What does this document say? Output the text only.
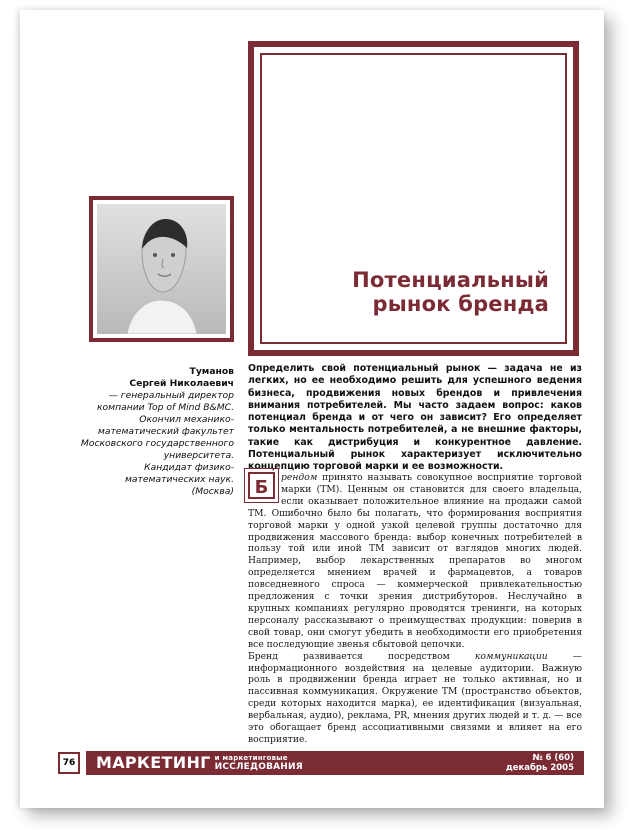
Потенциальный
рынок бренда
Туманов
Сергей Николаевич
— генеральный директор
компании Top of Mind B&MC.
Окончил механико-
математический факультет
Московского государственного
университета.
Кандидат физико-
математических наук.
(Москва)
Определить свой потенциальный рынок — задача не из легких, но ее необходимо решить для успешного ведения бизнеса, продвижения новых брендов и привлечения внимания потребителей. Мы часто задаем вопрос: каков потенциал бренда и от чего он зависит? Его определяет только ментальность потребителей, а не внешние факторы, такие как дистрибуция и конкурентное давление. Потенциальный рынок характеризует исключительно концепцию торговой марки и ее возможности.
Б	рендом принято называть совокупное восприятие торговой марки (ТМ). Ценным он становится для своего владельца, если оказывает положительное влияние на продажи самой ТМ. Ошибочно было бы полагать, что формирования восприятия торговой марки у одной узкой целевой группы достаточно для продвижения массового бренда: выбор конечных потребителей в пользу той или иной ТМ зависит от взглядов многих людей. Например, выбор лекарственных препаратов во многом определяется мнением врачей и фармацевтов, а товаров повседневного спроса — коммерческой привлекательностью предложения с точки зрения дистрибуторов. Неслучайно в крупных компаниях регулярно проводятся тренинги, на которых персоналу рассказывают о преимуществах продукции: поверив в свой товар, они смогут убедить в необходимости его приобретения все последующие звенья сбытовой цепочки.

Бренд развивается посредством коммуникации — информационного воздействия на целевые аудитории. Важную роль в продвижении бренда играет не только активная, но и пассивная коммуникация. Окружение ТМ (пространство объектов, среди которых находится марка), ее идентификация (визуальная, вербальная, аудио), реклама, PR, мнения других людей и т. д. — все это обогащает бренд ассоциативными связями и влияет на его восприятие.

76 МАРКЕТИНГ и маркетинговые
ИССЛЕДОВАНИЯ
№ 6 (60)
декабрь 2005
